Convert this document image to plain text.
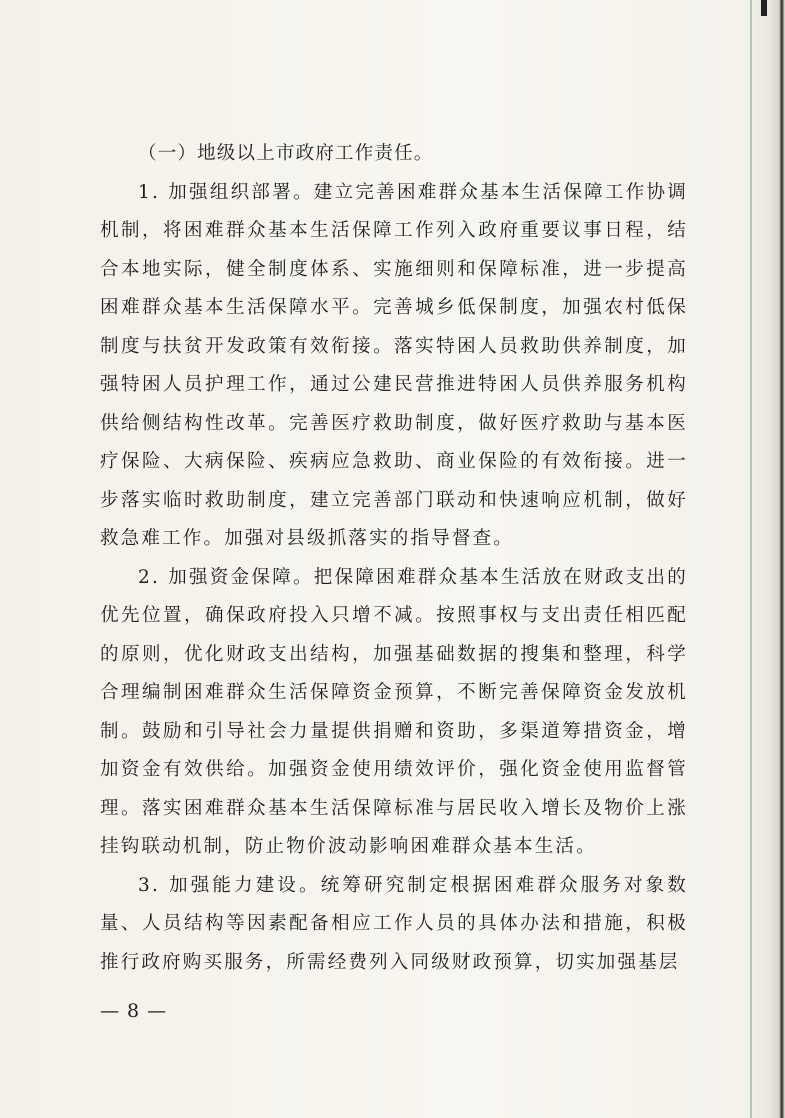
（一）地级以上市政府工作责任。

1. 加强组织部署。建立完善困难群众基本生活保障工作协调机制，将困难群众基本生活保障工作列入政府重要议事日程，结合本地实际，健全制度体系、实施细则和保障标准，进一步提高困难群众基本生活保障水平。完善城乡低保制度，加强农村低保制度与扶贫开发政策有效衔接。落实特困人员救助供养制度，加强特困人员护理工作，通过公建民营推进特困人员供养服务机构供给侧结构性改革。完善医疗救助制度，做好医疗救助与基本医疗保险、大病保险、疾病应急救助、商业保险的有效衔接。进一步落实临时救助制度，建立完善部门联动和快速响应机制，做好救急难工作。加强对县级抓落实的指导督查。

2. 加强资金保障。把保障困难群众基本生活放在财政支出的优先位置，确保政府投入只增不减。按照事权与支出责任相匹配的原则，优化财政支出结构，加强基础数据的搜集和整理，科学合理编制困难群众生活保障资金预算，不断完善保障资金发放机制。鼓励和引导社会力量提供捐赠和资助，多渠道筹措资金，增加资金有效供给。加强资金使用绩效评价，强化资金使用监督管理。落实困难群众基本生活保障标准与居民收入增长及物价上涨挂钩联动机制，防止物价波动影响困难群众基本生活。

3. 加强能力建设。统筹研究制定根据困难群众服务对象数量、人员结构等因素配备相应工作人员的具体办法和措施，积极推行政府购买服务，所需经费列入同级财政预算，切实加强基层

— 8 —
